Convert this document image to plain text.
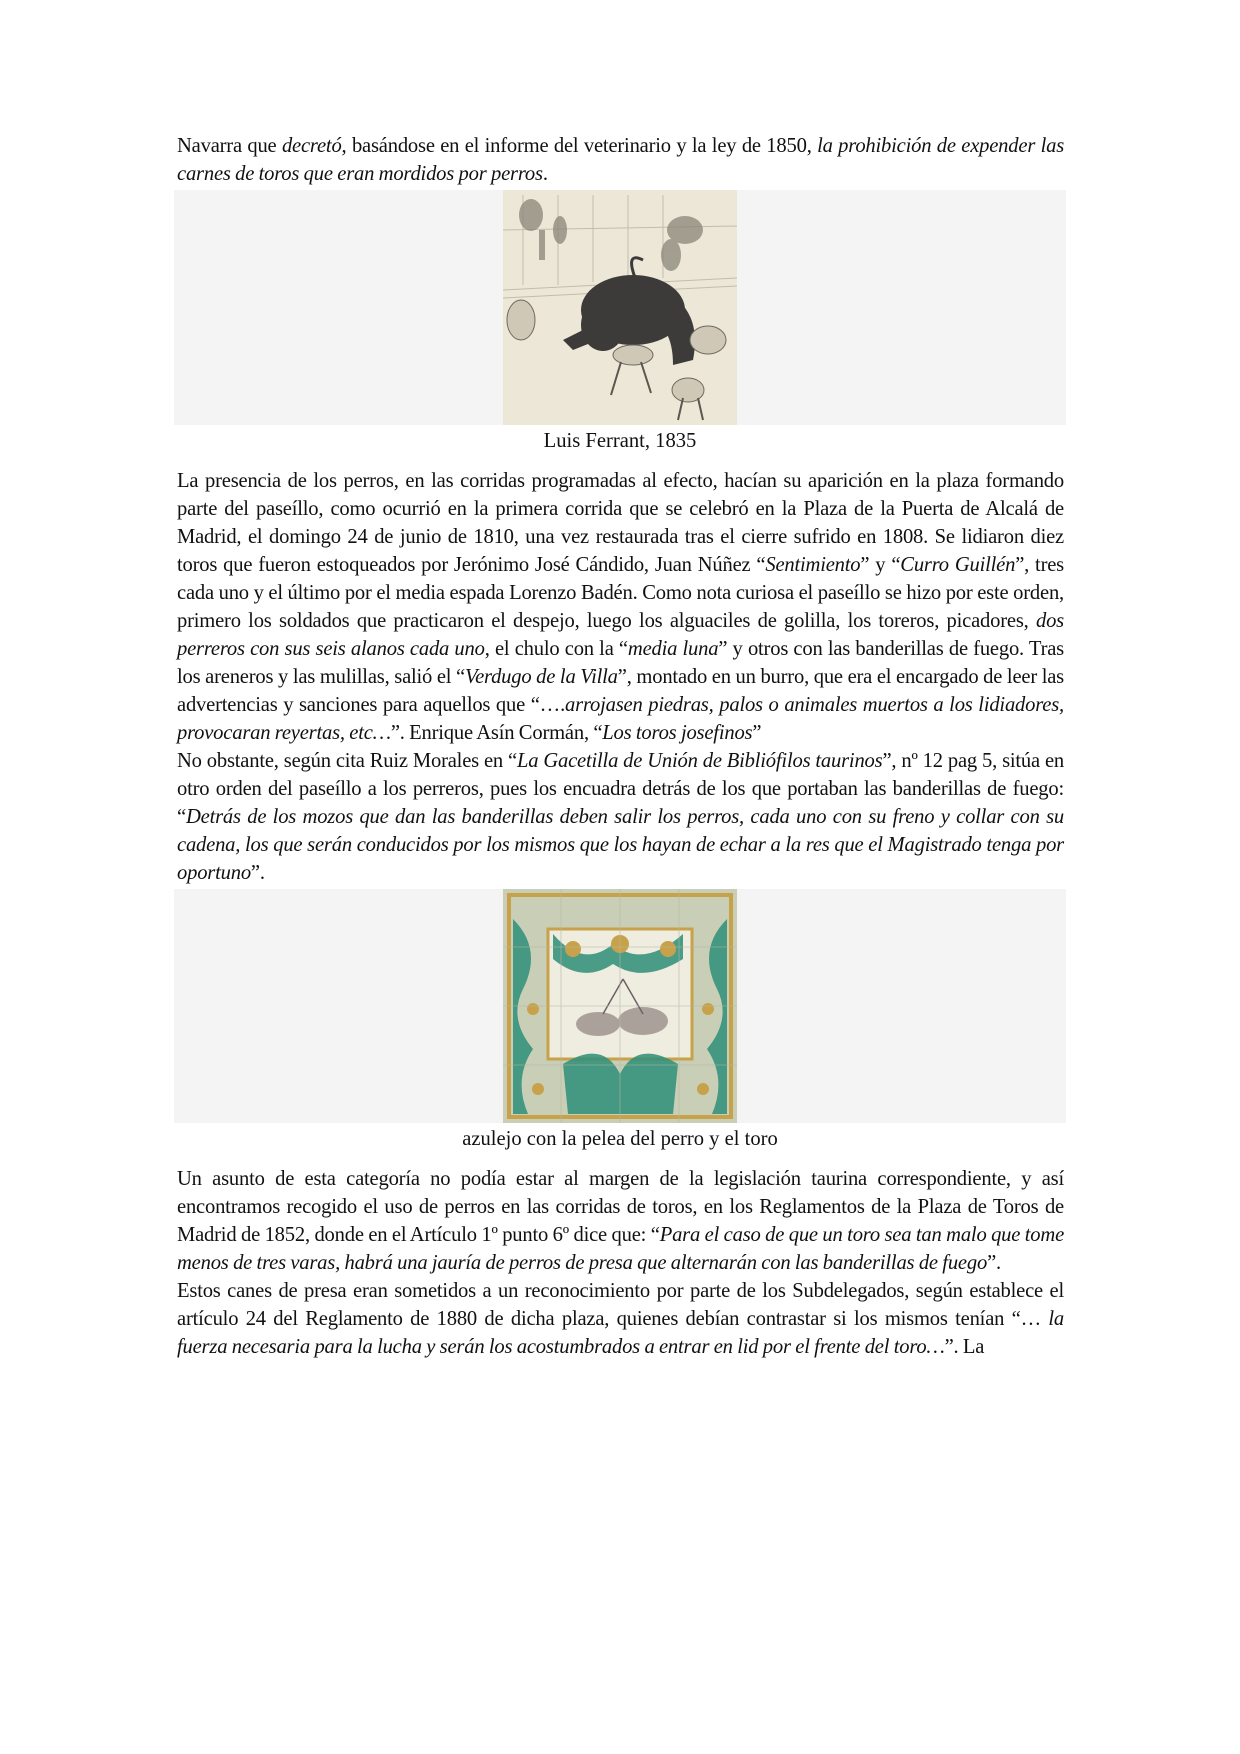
Navarra que decretó, basándose en el informe del veterinario y la ley de 1850, la prohibición de expender las carnes de toros que eran mordidos por perros.

Luis Ferrant, 1835

La presencia de los perros, en las corridas programadas al efecto, hacían su aparición en la plaza formando parte del paseíllo, como ocurrió en la primera corrida que se celebró en la Plaza de la Puerta de Alcalá de Madrid, el domingo 24 de junio de 1810, una vez restaurada tras el cierre sufrido en 1808. Se lidiaron diez toros que fueron estoqueados por Jerónimo José Cándido, Juan Núñez “Sentimiento” y “Curro Guillén”, tres cada uno y el último por el media espada Lorenzo Badén. Como nota curiosa el paseíllo se hizo por este orden, primero los soldados que practicaron el despejo, luego los alguaciles de golilla, los toreros, picadores, dos perreros con sus seis alanos cada uno, el chulo con la “media luna” y otros con las banderillas de fuego. Tras los areneros y las mulillas, salió el “Verdugo de la Villa”, montado en un burro, que era el encargado de leer las advertencias y sanciones para aquellos que “….arrojasen piedras, palos o animales muertos a los lidiadores, provocaran reyertas, etc…”. Enrique Asín Cormán, “Los toros josefinos”

No obstante, según cita Ruiz Morales en “La Gacetilla de Unión de Bibliófilos taurinos”, nº 12 pag 5, sitúa en otro orden del paseíllo a los perreros, pues los encuadra detrás de los que portaban las banderillas de fuego: “Detrás de los mozos que dan las banderillas deben salir los perros, cada uno con su freno y collar con su cadena, los que serán conducidos por los mismos que los hayan de echar a la res que el Magistrado tenga por oportuno”.

azulejo con la pelea del perro y el toro

Un asunto de esta categoría no podía estar al margen de la legislación taurina correspondiente, y así encontramos recogido el uso de perros en las corridas de toros, en los Reglamentos de la Plaza de Toros de Madrid de 1852, donde en el Artículo 1º punto 6º dice que: “Para el caso de que un toro sea tan malo que tome menos de tres varas, habrá una jauría de perros de presa que alternarán con las banderillas de fuego”.

Estos canes de presa eran sometidos a un reconocimiento por parte de los Subdelegados, según establece el artículo 24 del Reglamento de 1880 de dicha plaza, quienes debían contrastar si los mismos tenían “… la fuerza necesaria para la lucha y serán los acostumbrados a entrar en lid por el frente del toro…”. La
